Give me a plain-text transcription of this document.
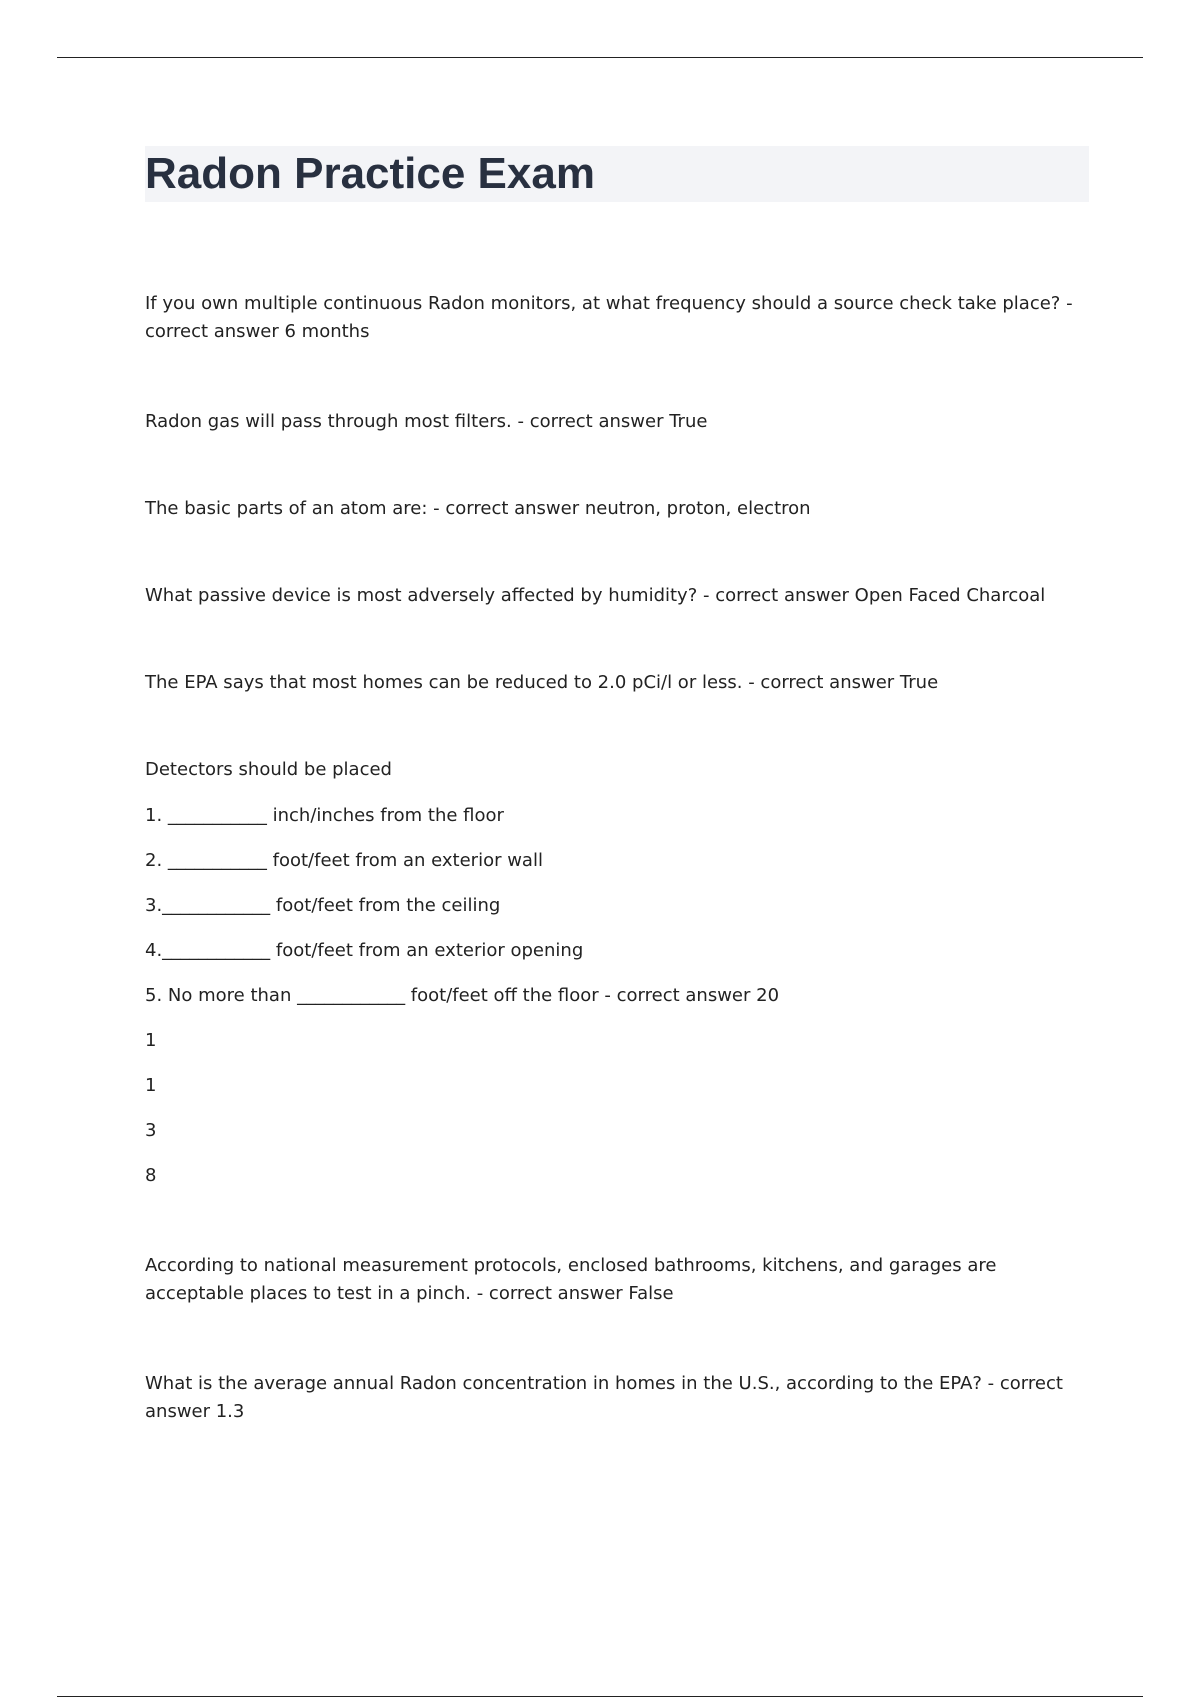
Radon Practice Exam

If you own multiple continuous Radon monitors, at what frequency should a source check take place? - correct answer 6 months

Radon gas will pass through most filters. - correct answer True

The basic parts of an atom are: - correct answer neutron, proton, electron

What passive device is most adversely affected by humidity? - correct answer Open Faced Charcoal

The EPA says that most homes can be reduced to 2.0 pCi/l or less. - correct answer True

Detectors should be placed

1. ___________ inch/inches from the floor

2. ___________ foot/feet from an exterior wall

3.____________ foot/feet from the ceiling

4.____________ foot/feet from an exterior opening

5. No more than ____________ foot/feet off the floor - correct answer 20

1

1

3

8

According to national measurement protocols, enclosed bathrooms, kitchens, and garages are acceptable places to test in a pinch. - correct answer False

What is the average annual Radon concentration in homes in the U.S., according to the EPA? - correct answer 1.3
